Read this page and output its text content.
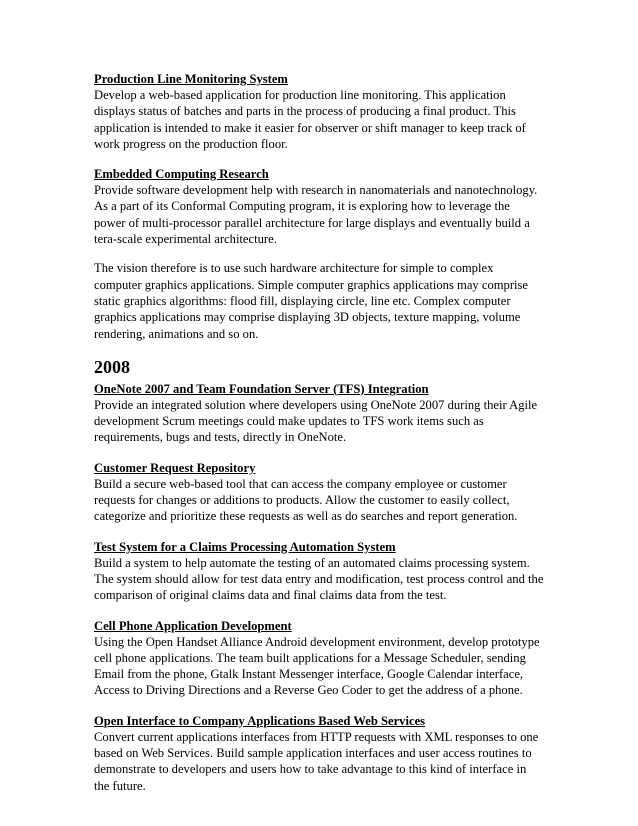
Production Line Monitoring System

Develop a web-based application for production line monitoring. This application displays status of batches and parts in the process of producing a final product. This application is intended to make it easier for observer or shift manager to keep track of work progress on the production floor.

Embedded Computing Research

Provide software development help with research in nanomaterials and nanotechnology. As a part of its Conformal Computing program, it is exploring how to leverage the power of multi-processor parallel architecture for large displays and eventually build a tera-scale experimental architecture.

The vision therefore is to use such hardware architecture for simple to complex computer graphics applications. Simple computer graphics applications may comprise static graphics algorithms: flood fill, displaying circle, line etc. Complex computer graphics applications may comprise displaying 3D objects, texture mapping, volume rendering, animations and so on.

2008
OneNote 2007 and Team Foundation Server (TFS) Integration

Provide an integrated solution where developers using OneNote 2007 during their Agile development Scrum meetings could make updates to TFS work items such as requirements, bugs and tests, directly in OneNote.

Customer Request Repository

Build a secure web-based tool that can access the company employee or customer requests for changes or additions to products. Allow the customer to easily collect, categorize and prioritize these requests as well as do searches and report generation.

Test System for a Claims Processing Automation System

Build a system to help automate the testing of an automated claims processing system. The system should allow for test data entry and modification, test process control and the comparison of original claims data and final claims data from the test.

Cell Phone Application Development

Using the Open Handset Alliance Android development environment, develop prototype cell phone applications. The team built applications for a Message Scheduler, sending Email from the phone, Gtalk Instant Messenger interface, Google Calendar interface, Access to Driving Directions and a Reverse Geo Coder to get the address of a phone.

Open Interface to Company Applications Based Web Services

Convert current applications interfaces from HTTP requests with XML responses to one based on Web Services. Build sample application interfaces and user access routines to demonstrate to developers and users how to take advantage to this kind of interface in the future.
